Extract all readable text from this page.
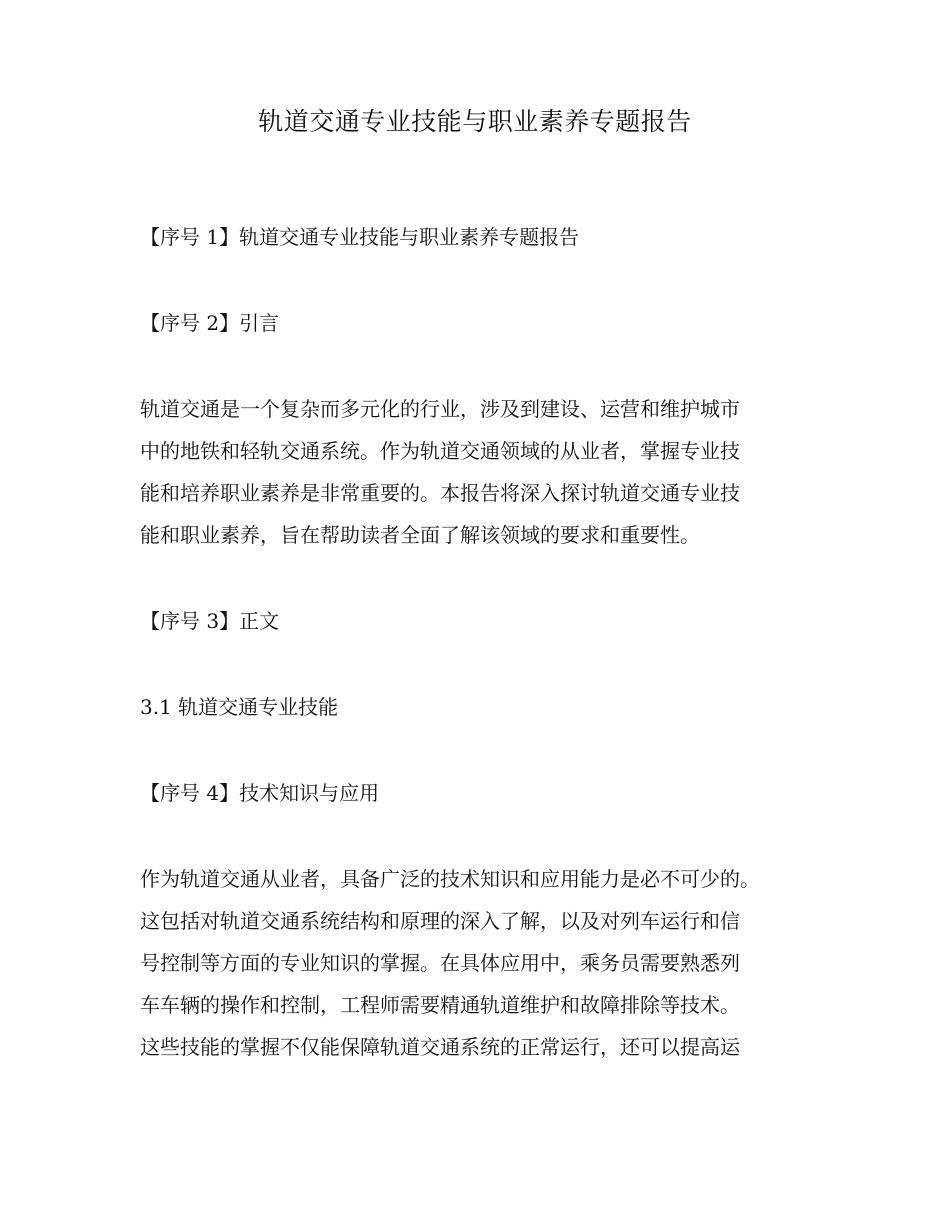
轨道交通专业技能与职业素养专题报告
【序号 1】轨道交通专业技能与职业素养专题报告
【序号 2】引言
轨道交通是一个复杂而多元化的行业，涉及到建设、运营和维护城市
中的地铁和轻轨交通系统。作为轨道交通领域的从业者，掌握专业技
能和培养职业素养是非常重要的。本报告将深入探讨轨道交通专业技
能和职业素养，旨在帮助读者全面了解该领域的要求和重要性。
【序号 3】正文
3.1 轨道交通专业技能
【序号 4】技术知识与应用
作为轨道交通从业者，具备广泛的技术知识和应用能力是必不可少的。
这包括对轨道交通系统结构和原理的深入了解，以及对列车运行和信
号控制等方面的专业知识的掌握。在具体应用中，乘务员需要熟悉列
车车辆的操作和控制，工程师需要精通轨道维护和故障排除等技术。
这些技能的掌握不仅能保障轨道交通系统的正常运行，还可以提高运
